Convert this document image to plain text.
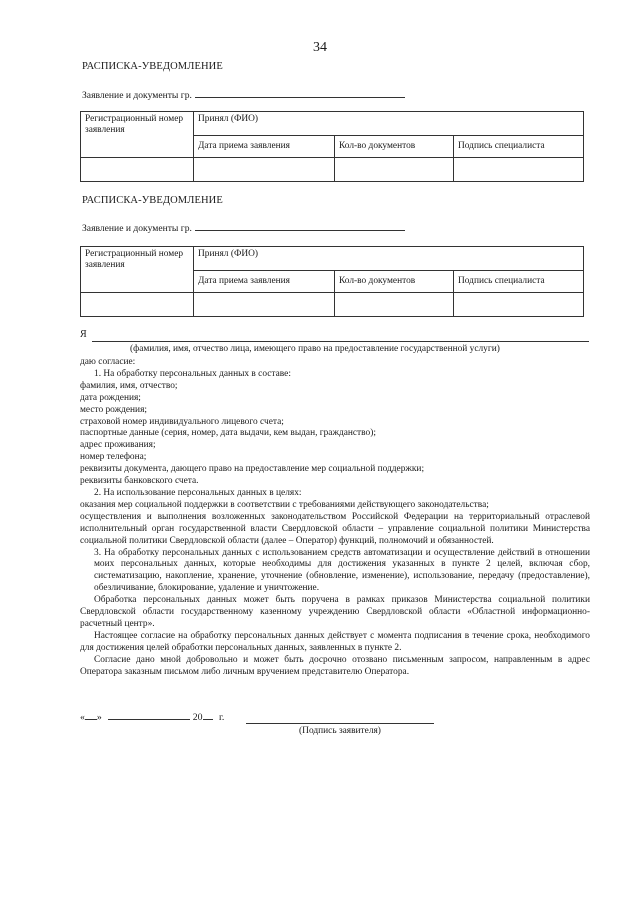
34
РАСПИСКА-УВЕДОМЛЕНИЕ
Заявление и документы гр.
Регистрационный номер заявления	Принял (ФИО)		
	Дата приема заявления	Кол-во документов	Подпись специалиста

РАСПИСКА-УВЕДОМЛЕНИЕ
Заявление и документы гр.
Регистрационный номер заявления	Принял (ФИО)		
	Дата приема заявления	Кол-во документов	Подпись специалиста

Я
(фамилия, имя, отчество лица, имеющего право на предоставление государственной услуги)

даю согласие:

1. На обработку персональных данных в составе:

фамилия, имя, отчество;

дата рождения;

место рождения;

страховой номер индивидуального лицевого счета;

паспортные данные (серия, номер, дата выдачи, кем выдан, гражданство);

адрес проживания;

номер телефона;

реквизиты документа, дающего право на предоставление мер социальной поддержки;

реквизиты банковского счета.

2. На использование персональных данных в целях:

оказания мер социальной поддержки в соответствии с требованиями действующего законодательства;

осуществления и выполнения возложенных законодательством Российской Федерации на территориальный отраслевой исполнительный орган государственной власти Свердловской области – управление социальной политики Министерства социальной политики Свердловской области (далее – Оператор) функций, полномочий и обязанностей.

3. На обработку персональных данных с использованием средств автоматизации и осуществление действий в отношении моих персональных данных, которые необходимы для достижения указанных в пункте 2 целей, включая сбор, систематизацию, накопление, хранение, уточнение (обновление, изменение), использование, передачу (предоставление), обезличивание, блокирование, удаление и уничтожение.

Обработка персональных данных может быть поручена в рамках приказов Министерства социальной политики Свердловской области государственному казенному учреждению Свердловской области «Областной информационно-расчетный центр».

Настоящее согласие на обработку персональных данных действует с момента подписания в течение срока, необходимого для достижения целей обработки персональных данных, заявленных в пункте 2.

Согласие дано мной добровольно и может быть досрочно отозвано письменным запросом, направленным в адрес Оператора заказным письмом либо личным вручением представителю Оператора.

« »	20 г.
(Подпись заявителя)
